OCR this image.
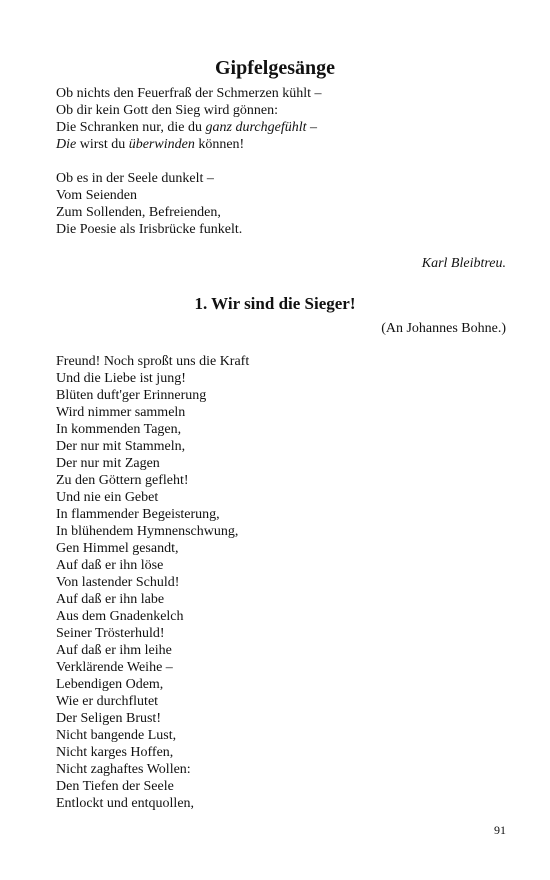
Gipfelgesänge
Ob nichts den Feuerfraß der Schmerzen kühlt –
Ob dir kein Gott den Sieg wird gönnen:
Die Schranken nur, die du ganz durchgefühlt –
Die wirst du überwinden können!
Ob es in der Seele dunkelt –
Vom Seienden
Zum Sollenden, Befreienden,
Die Poesie als Irisbrücke funkelt.

Karl Bleibtreu.

1. Wir sind die Sieger!

(An Johannes Bohne.)

Freund! Noch sproßt uns die Kraft
Und die Liebe ist jung!
Blüten duft'ger Erinnerung
Wird nimmer sammeln
In kommenden Tagen,
Der nur mit Stammeln,
Der nur mit Zagen
Zu den Göttern gefleht!
Und nie ein Gebet
In flammender Begeisterung,
In blühendem Hymnenschwung,
Gen Himmel gesandt,
Auf daß er ihn löse
Von lastender Schuld!
Auf daß er ihn labe
Aus dem Gnadenkelch
Seiner Trösterhuld!
Auf daß er ihm leihe
Verklärende Weihe –
Lebendigen Odem,
Wie er durchflutet
Der Seligen Brust!
Nicht bangende Lust,
Nicht karges Hoffen,
Nicht zaghaftes Wollen:
Den Tiefen der Seele
Entlockt und entquollen,

91
